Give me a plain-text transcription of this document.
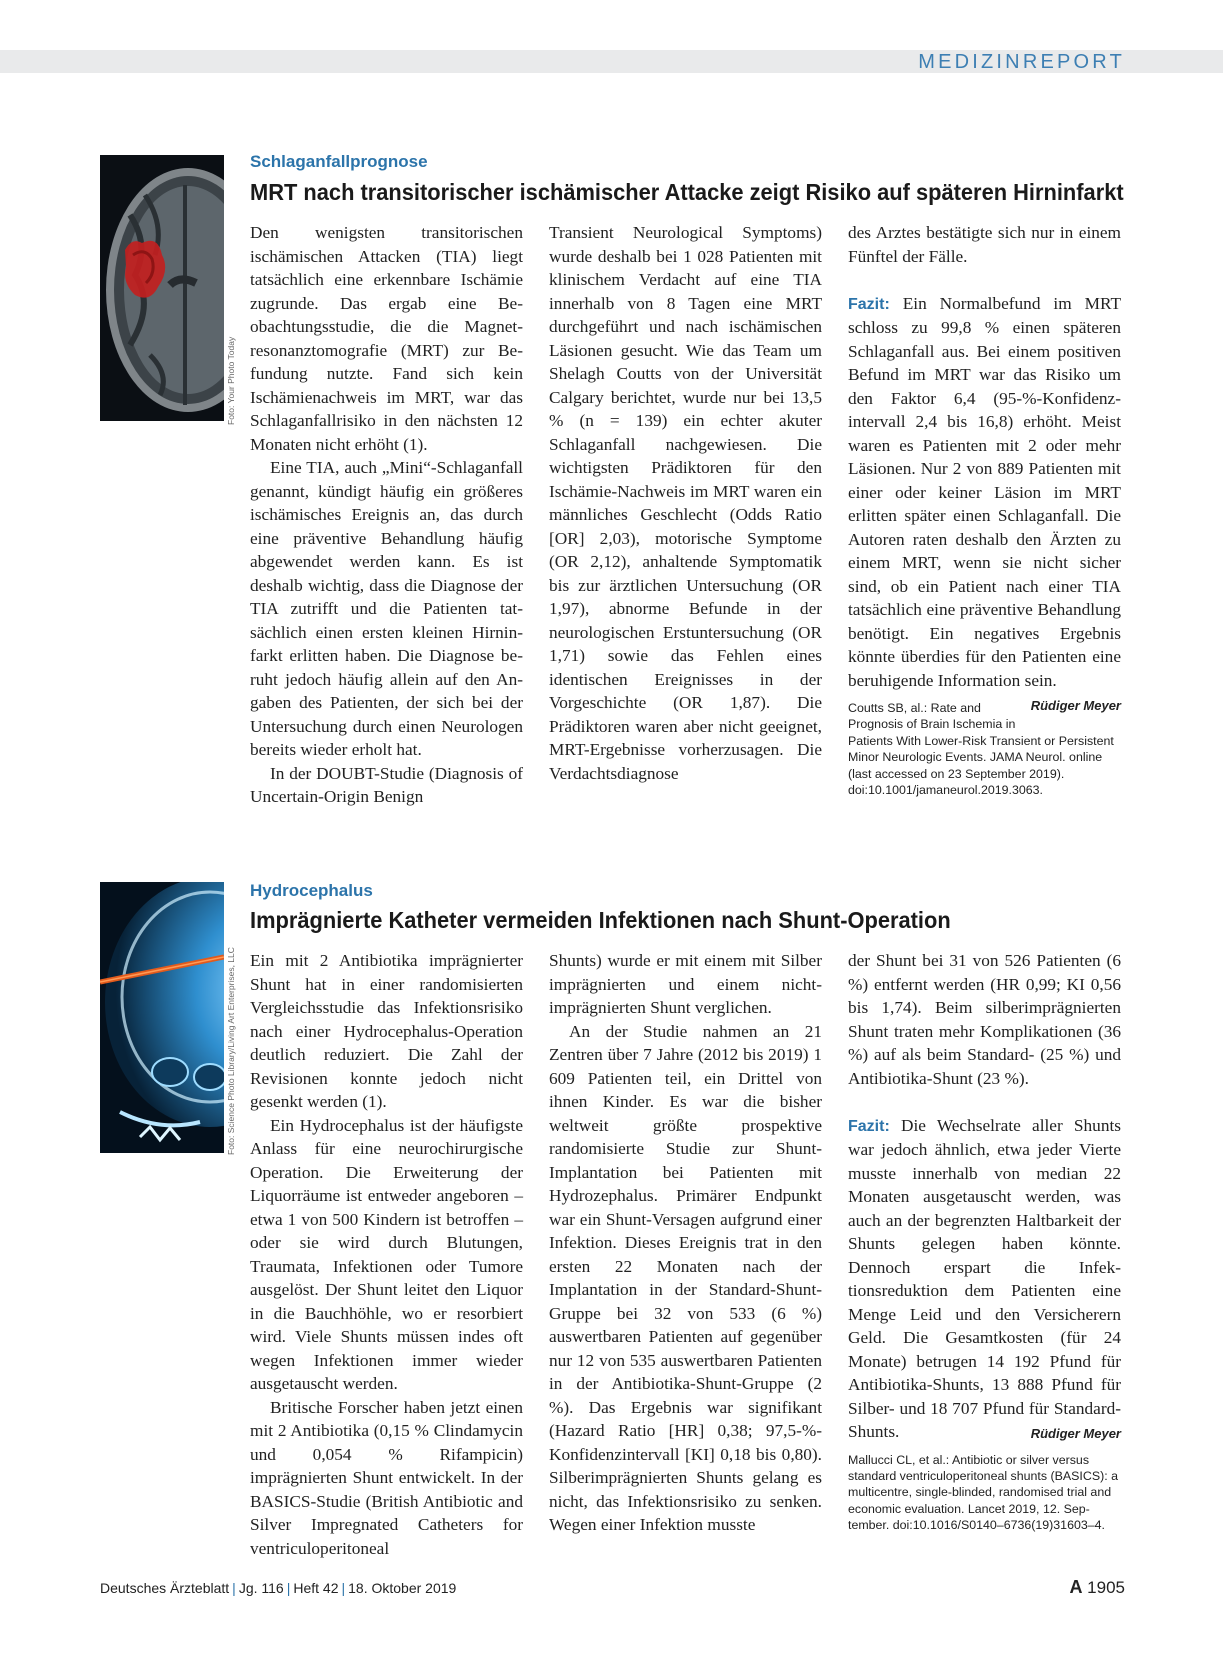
MEDIZINREPORT
Foto: Your Photo Today
Schlaganfallprognose
MRT nach transitorischer ischämischer Attacke zeigt Risiko auf späteren Hirninfarkt

Den wenigsten transitorischen ischämischen Attacken (TIA) liegt tatsächlich eine erkennbare Ischämie zugrunde. Das ergab eine Beobachtungsstudie, die die Magnetresonanztomografie (MRT) zur Befundung nutzte. Fand sich kein Ischämienachweis im MRT, war das Schlaganfallrisiko in den nächsten 12 Monaten nicht erhöht (1).

Eine TIA, auch „Mini“-Schlaganfall genannt, kündigt häufig ein größeres ischämisches Ereignis an, das durch eine präventive Behandlung häufig abgewendet werden kann. Es ist deshalb wichtig, dass die Diagnose der TIA zutrifft und die Patienten tatsächlich einen ersten kleinen Hirninfarkt erlitten haben. Die Diagnose beruht jedoch häufig allein auf den Angaben des Patienten, der sich bei der Untersuchung durch einen Neurologen bereits wieder erholt hat.

In der DOUBT-Studie (Diagnosis of Uncertain-Origin Benign

Transient Neurological Symptoms) wurde deshalb bei 1 028 Patienten mit klinischem Verdacht auf eine TIA innerhalb von 8 Tagen eine MRT durchgeführt und nach ischämischen Läsionen gesucht. Wie das Team um Shelagh Coutts von der Universität Calgary berichtet, wurde nur bei 13,5 % (n = 139) ein echter akuter Schlaganfall nachgewiesen. Die wichtigsten Prädiktoren für den Ischämie-Nachweis im MRT waren ein männliches Geschlecht (Odds Ratio [OR] 2,03), motorische Symptome (OR 2,12), anhaltende Symptomatik bis zur ärztlichen Untersuchung (OR 1,97), abnorme Befunde in der neurologischen Erstuntersuchung (OR 1,71) sowie das Fehlen eines identischen Ereignisses in der Vorgeschichte (OR 1,87). Die Prädiktoren waren aber nicht geeignet, MRT-Ergebnisse vorherzusagen. Die Verdachtsdiagnose

des Arztes bestätigte sich nur in einem Fünftel der Fälle.

Fazit: Ein Normalbefund im MRT schloss zu 99,8 % einen späteren Schlaganfall aus. Bei einem positiven Befund im MRT war das Risiko um den Faktor 6,4 (95-%-Konfidenzintervall 2,4 bis 16,8) erhöht. Meist waren es Patienten mit 2 oder mehr Läsionen. Nur 2 von 889 Patienten mit einer oder keiner Läsion im MRT erlitten später einen Schlaganfall. Die Autoren raten deshalb den Ärzten zu einem MRT, wenn sie nicht sicher sind, ob ein Patient nach einer TIA tatsächlich eine präventive Behandlung benötigt. Ein negatives Ergebnis könnte überdies für den Patienten eine beruhigende Information sein.
Rüdiger Meyer

Coutts SB, al.: Rate and Prognosis of Brain Ischemia in Patients With Lower-Risk Transient or Persistent Minor Neurologic Events. JAMA Neurol. online (last accessed on 23 September 2019). doi:10.1001/jamaneurol.2019.3063.
Foto: Science Photo Library/Living Art Enterprises, LLC
Hydrocephalus
Imprägnierte Katheter vermeiden Infektionen nach Shunt-Operation

Ein mit 2 Antibiotika imprägnierter Shunt hat in einer randomisierten Vergleichsstudie das Infektionsrisiko nach einer Hydrocephalus-Operation deutlich reduziert. Die Zahl der Revisionen konnte jedoch nicht gesenkt werden (1).

Ein Hydrocephalus ist der häufigste Anlass für eine neurochirurgische Operation. Die Erweiterung der Liquorräume ist entweder angeboren – etwa 1 von 500 Kindern ist betroffen – oder sie wird durch Blutungen, Traumata, Infektionen oder Tumore ausgelöst. Der Shunt leitet den Liquor in die Bauchhöhle, wo er resorbiert wird. Viele Shunts müssen indes oft wegen Infektionen immer wieder ausgetauscht werden.

Britische Forscher haben jetzt einen mit 2 Antibiotika (0,15 % Clindamycin und 0,054 % Rifampicin) imprägnierten Shunt entwickelt. In der BASICS-Studie (British Antibiotic and Silver Impregnated Catheters for ventriculoperitoneal

Shunts) wurde er mit einem mit Silber imprägnierten und einem nicht-imprägnierten Shunt verglichen.

An der Studie nahmen an 21 Zentren über 7 Jahre (2012 bis 2019) 1 609 Patienten teil, ein Drittel von ihnen Kinder. Es war die bisher weltweit größte prospektive randomisierte Studie zur Shunt-Implantation bei Patienten mit Hydrozephalus. Primärer Endpunkt war ein Shunt-Versagen aufgrund einer Infektion. Dieses Ereignis trat in den ersten 22 Monaten nach der Implantation in der Standard-Shunt-Gruppe bei 32 von 533 (6 %) auswertbaren Patienten auf gegenüber nur 12 von 535 auswertbaren Patienten in der Antibiotika-Shunt-Gruppe (2 %). Das Ergebnis war signifikant (Hazard Ratio [HR] 0,38; 97,5-%-Konfidenzintervall [KI] 0,18 bis 0,80). Silberimprägnierten Shunts gelang es nicht, das Infektionsrisiko zu senken. Wegen einer Infektion musste

der Shunt bei 31 von 526 Patienten (6 %) entfernt werden (HR 0,99; KI 0,56 bis 1,74). Beim silberimprägnierten Shunt traten mehr Komplikationen (36 %) auf als beim Standard- (25 %) und Antibiotika-Shunt (23 %).

Fazit: Die Wechselrate aller Shunts war jedoch ähnlich, etwa jeder Vierte musste innerhalb von median 22 Monaten ausgetauscht werden, was auch an der begrenzten Haltbarkeit der Shunts gelegen haben könnte. Dennoch erspart die Infektionsreduktion dem Patienten eine Menge Leid und den Versicherern Geld. Die Gesamtkosten (für 24 Monate) betrugen 14 192 Pfund für Antibiotika-Shunts, 13 888 Pfund für Silber- und 18 707 Pfund für Standard-Shunts.	Rüdiger Meyer

Mallucci CL, et al.: Antibiotic or silver versus standard ventriculoperitoneal shunts (BASICS): a multicentre, single-blinded, randomised trial and economic evaluation. Lancet 2019, 12. September. doi:10.1016/S0140–6736(19)31603–4.
Deutsches Ärzteblatt | Jg. 116 | Heft 42 | 18. Oktober 2019	A 1905
